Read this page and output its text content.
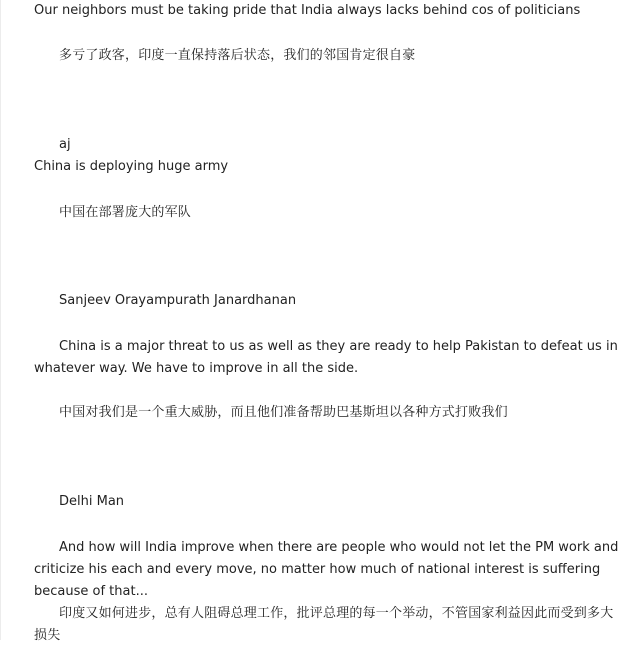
Our neighbors must be taking pride that India always lacks behind cos of politicians
多亏了政客，印度一直保持落后状态，我们的邻国肯定很自豪
aj
China is deploying huge army
中国在部署庞大的军队
Sanjeev Orayampurath Janardhanan
China is a major threat to us as well as they are ready to help Pakistan to defeat us in whatever way. We have to improve in all the side.
中国对我们是一个重大威胁，而且他们准备帮助巴基斯坦以各种方式打败我们
Delhi Man
And how will India improve when there are people who would not let the PM work and criticize his each and every move, no matter how much of national interest is suffering because of that...
印度又如何进步，总有人阻碍总理工作，批评总理的每一个举动，不管国家利益因此而受到多大损失
